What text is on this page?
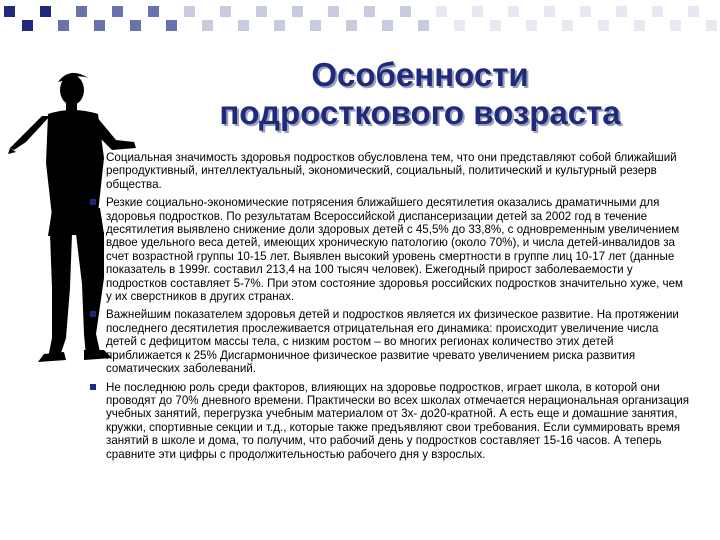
Особенности
подросткового возраста
Социальная значимость здоровья подростков обусловлена тем, что они представляют собой ближайший репродуктивный, интеллектуальный, экономический, социальный, политический и культурный резерв общества.
Резкие социально-экономические потрясения ближайшего десятилетия оказались драматичными для здоровья подростков. По результатам Всероссийской диспансеризации детей за 2002 год в течение десятилетия выявлено снижение доли здоровых детей с 45,5% до 33,8%, с одновременным увеличением вдвое удельного веса детей, имеющих хроническую патологию (около 70%), и числа детей-инвалидов за счет возрастной группы 10-15 лет. Выявлен высокий уровень смертности в группе лиц 10-17 лет (данные показатель в 1999г. составил 213,4 на 100 тысяч человек). Ежегодный прирост заболеваемости у подростков составляет 5-7%. При этом состояние здоровья российских подростков значительно хуже, чем у их сверстников в других странах.
Важнейшим показателем здоровья детей и подростков является их физическое развитие. На протяжении последнего десятилетия прослеживается отрицательная его динамика: происходит увеличение числа детей с дефицитом массы тела, с низким ростом – во многих регионах количество этих детей приближается к 25% Дисгармоничное физическое развитие чревато увеличением риска развития соматических заболеваний.
Не последнюю роль среди факторов, влияющих на здоровье подростков, играет школа, в которой они проводят до 70% дневного времени. Практически во всех школах отмечается нерациональная организация учебных занятий, перегрузка учебным материалом от 3х- до20-кратной. А есть еще и домашние занятия, кружки, спортивные секции и т.д., которые также предъявляют свои требования. Если суммировать время занятий в школе и дома, то получим, что рабочий день у подростков составляет 15-16 часов. А теперь сравните эти цифры с продолжительностью рабочего дня у взрослых.
